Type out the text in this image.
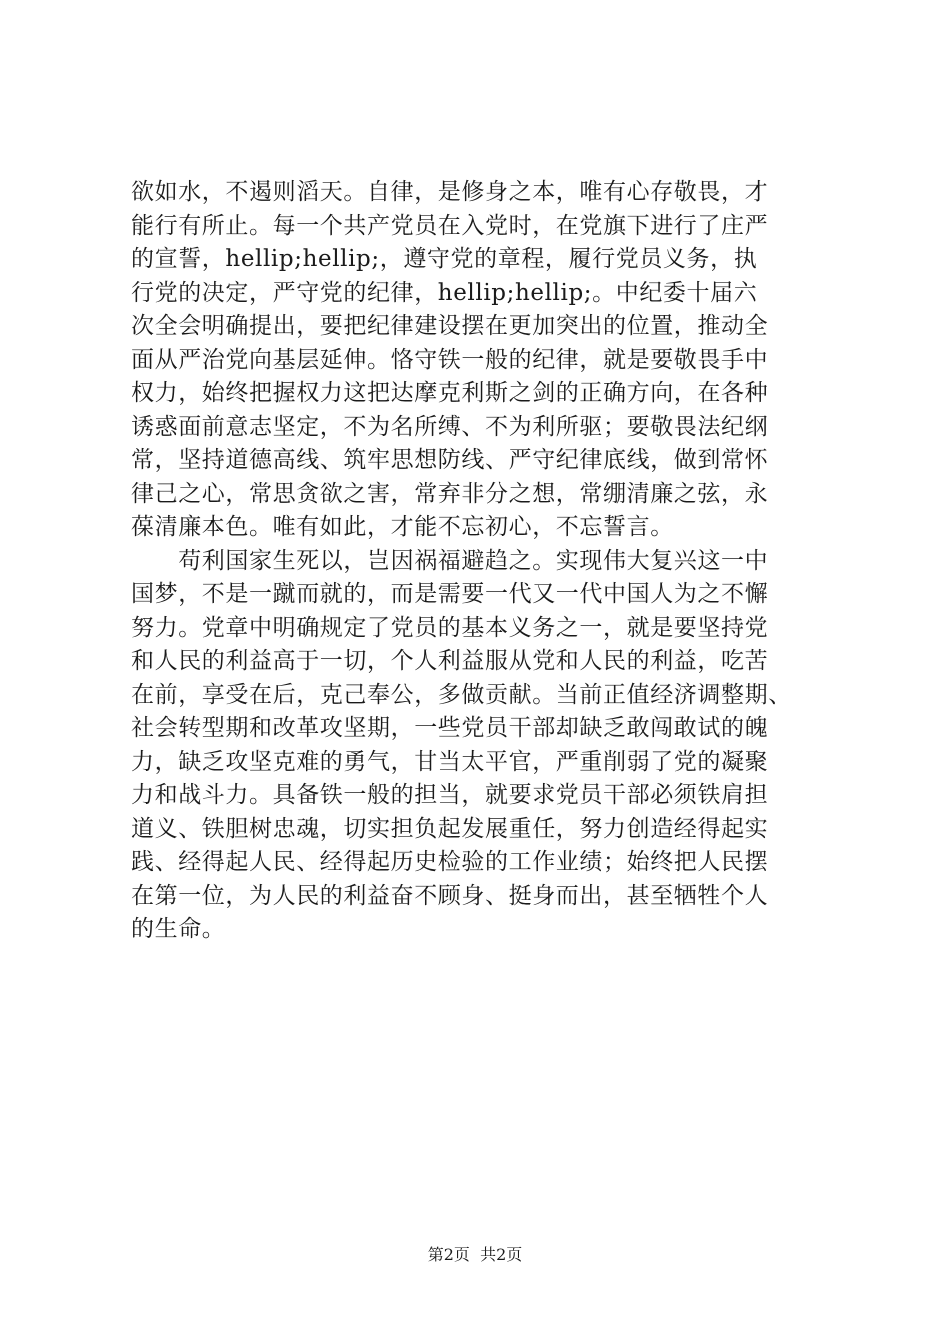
欲如水，不遏则滔天。自律，是修身之本，唯有心存敬畏，才
能行有所止。每一个共产党员在入党时，在党旗下进行了庄严
的宣誓，hellip;hellip;，遵守党的章程，履行党员义务，执
行党的决定，严守党的纪律，hellip;hellip;。中纪委十届六
次全会明确提出，要把纪律建设摆在更加突出的位置，推动全
面从严治党向基层延伸。恪守铁一般的纪律，就是要敬畏手中
权力，始终把握权力这把达摩克利斯之剑的正确方向，在各种
诱惑面前意志坚定，不为名所缚、不为利所驱；要敬畏法纪纲
常，坚持道德高线、筑牢思想防线、严守纪律底线，做到常怀
律己之心，常思贪欲之害，常弃非分之想，常绷清廉之弦，永
葆清廉本色。唯有如此，才能不忘初心，不忘誓言。
　　苟利国家生死以，岂因祸福避趋之。实现伟大复兴这一中
国梦，不是一蹴而就的，而是需要一代又一代中国人为之不懈
努力。党章中明确规定了党员的基本义务之一，就是要坚持党
和人民的利益高于一切，个人利益服从党和人民的利益，吃苦
在前，享受在后，克己奉公，多做贡献。当前正值经济调整期、
社会转型期和改革攻坚期，一些党员干部却缺乏敢闯敢试的魄
力，缺乏攻坚克难的勇气，甘当太平官，严重削弱了党的凝聚
力和战斗力。具备铁一般的担当，就要求党员干部必须铁肩担
道义、铁胆树忠魂，切实担负起发展重任，努力创造经得起实
践、经得起人民、经得起历史检验的工作业绩；始终把人民摆
在第一位，为人民的利益奋不顾身、挺身而出，甚至牺牲个人
的生命。
第2页  共2页
